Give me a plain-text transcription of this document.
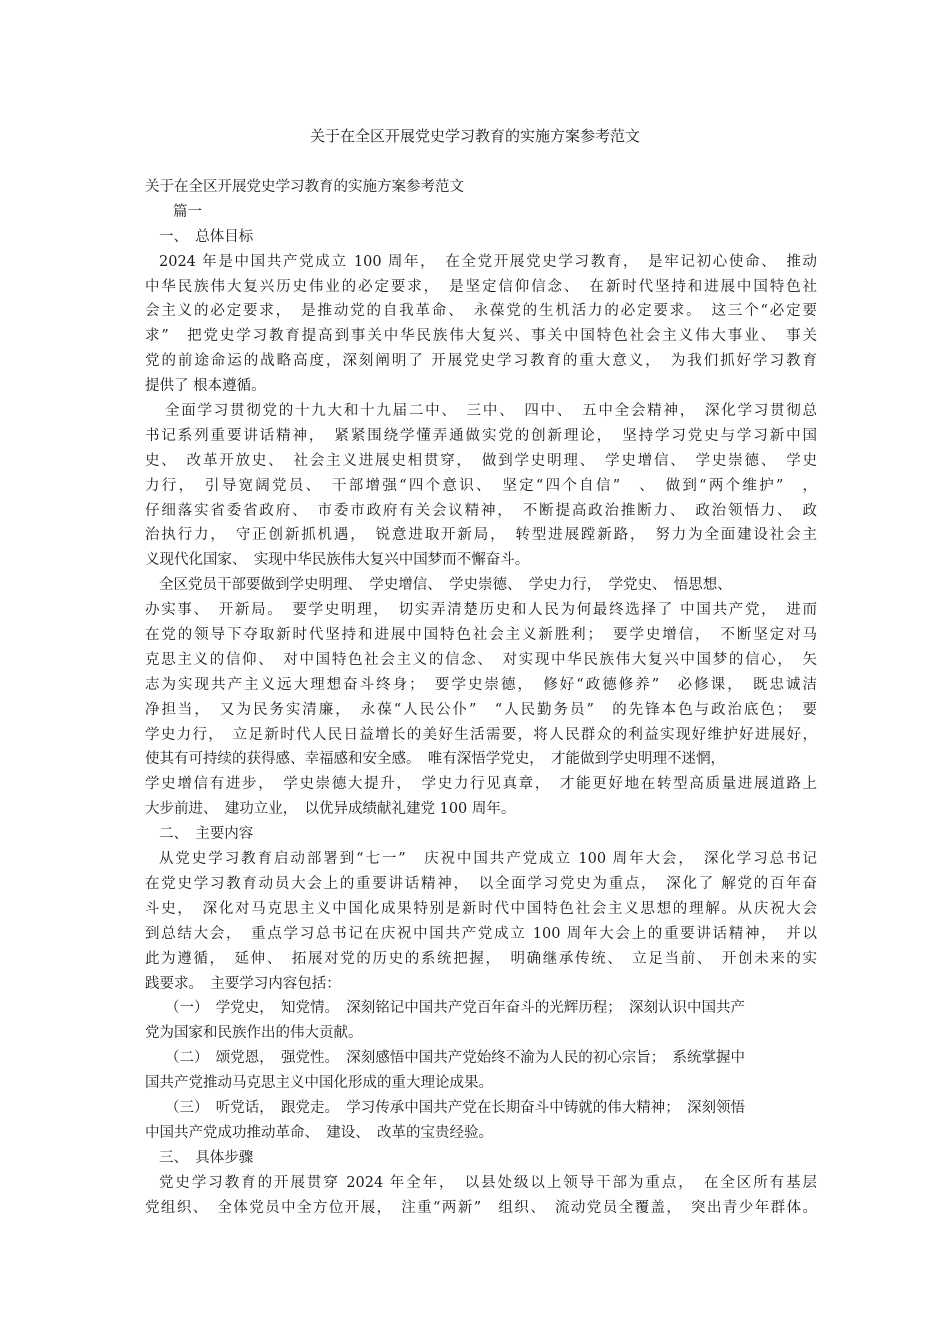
关于在全区开展党史学习教育的实施方案参考范文
关于在全区开展党史学习教育的实施方案参考范文
篇一
一、　总体目标
2024 年是中国共产党成立 100 周年，　在全党开展党史学习教育，　是牢记初心使命、　推动
中华民族伟大复兴历史伟业的必定要求，　是坚定信仰信念、　在新时代坚持和进展中国特色社
会主义的必定要求，　是推动党的自我革命、　永葆党的生机活力的必定要求。　这三个“必定要
求”　把党史学习教育提高到事关中华民族伟大复兴、事关中国特色社会主义伟大事业、　事关
党的前途命运的战略高度，深刻阐明了 开展党史学习教育的重大意义，　为我们抓好学习教育
提供了 根本遵循。
全面学习贯彻党的十九大和十九届二中、　三中、　四中、　五中全会精神，　深化学习贯彻总
书记系列重要讲话精神，　紧紧围绕学懂弄通做实党的创新理论，　坚持学习党史与学习新中国
史、　改革开放史、　社会主义进展史相贯穿，　做到学史明理、　学史增信、　学史崇德、　学史
力行，　引导宽阔党员、　干部增强“四个意识、　坚定“四个自信”　、　做到“两个维护”　，
仔细落实省委省政府、　市委市政府有关会议精神，　不断提高政治推断力、　政治领悟力、　政
治执行力，　守正创新抓机遇，　锐意进取开新局，　转型进展蹚新路，　努力为全面建设社会主
义现代化国家、　实现中华民族伟大复兴中国梦而不懈奋斗。
全区党员干部要做到学史明理、　学史增信、　学史崇德、　学史力行，　学党史、　悟思想、
办实事、　开新局。　要学史明理，　切实弄清楚历史和人民为何最终选择了 中国共产党，　进而
在党的领导下夺取新时代坚持和进展中国特色社会主义新胜利；　要学史增信，　不断坚定对马
克思主义的信仰、　对中国特色社会主义的信念、　对实现中华民族伟大复兴中国梦的信心，　矢
志为实现共产主义远大理想奋斗终身；　要学史崇德，　修好“政德修养”　必修课，　既忠诚洁
净担当，　又为民务实清廉，　永葆“人民公仆”　“人民勤务员”　的先锋本色与政治底色；　要
学史力行，　立足新时代人民日益增长的美好生活需要，将人民群众的利益实现好维护好进展好，
使其有可持续的获得感、幸福感和安全感。　唯有深悟学党史，　才能做到学史明理不迷惘，
学史增信有进步，　学史崇德大提升，　学史力行见真章，　才能更好地在转型高质量进展道路上
大步前进、　建功立业，　以优异成绩献礼建党 100 周年。
二、　主要内容
从党史学习教育启动部署到“七一”　庆祝中国共产党成立 100 周年大会，　深化学习总书记
在党史学习教育动员大会上的重要讲话精神，　以全面学习党史为重点，　深化了 解党的百年奋
斗史，　深化对马克思主义中国化成果特别是新时代中国特色社会主义思想的理解。从庆祝大会
到总结大会，　重点学习总书记在庆祝中国共产党成立 100 周年大会上的重要讲话精神，　并以
此为遵循，　延伸、　拓展对党的历史的系统把握，　明确继承传统、　立足当前、　开创未来的实
践要求。　主要学习内容包括：
（一）　学党史，　知党情。　深刻铭记中国共产党百年奋斗的光辉历程；　深刻认识中国共产
党为国家和民族作出的伟大贡献。
（二）　颂党恩，　强党性。　深刻感悟中国共产党始终不渝为人民的初心宗旨；　系统掌握中
国共产党推动马克思主义中国化形成的重大理论成果。
（三）　听党话，　跟党走。　学习传承中国共产党在长期奋斗中铸就的伟大精神；　深刻领悟
中国共产党成功推动革命、　建设、　改革的宝贵经验。
三、　具体步骤
党史学习教育的开展贯穿 2024 年全年，　以县处级以上领导干部为重点，　在全区所有基层
党组织、　全体党员中全方位开展，　注重“两新”　组织、　流动党员全覆盖，　突出青少年群体。
